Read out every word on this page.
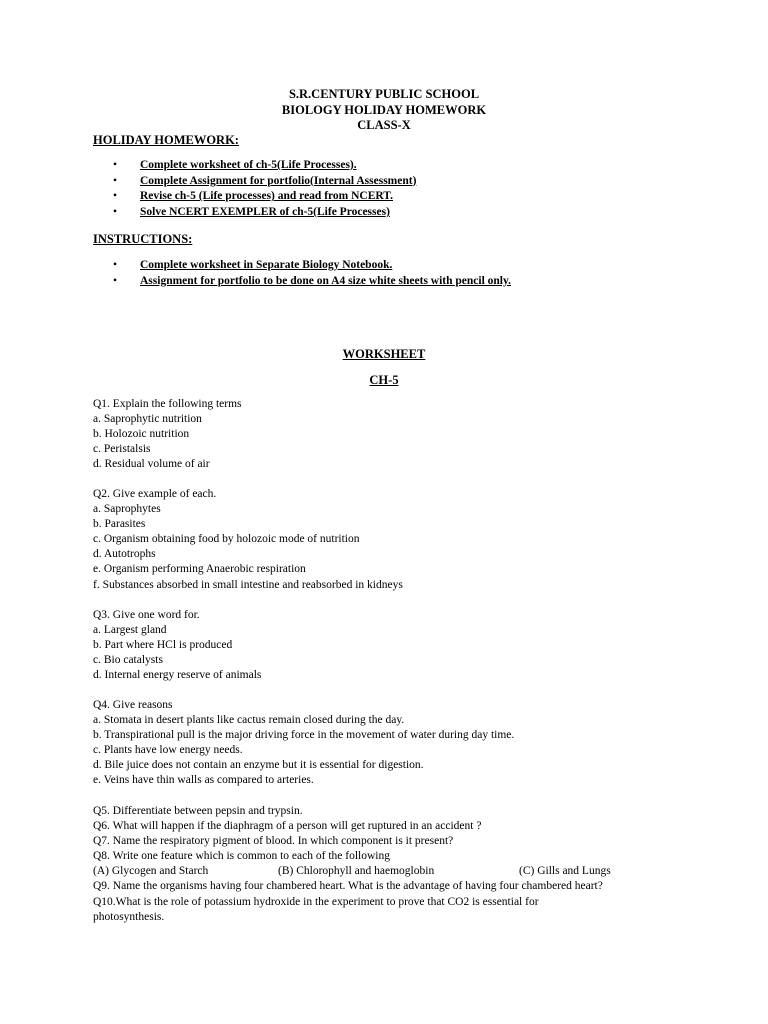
S.R.CENTURY PUBLIC SCHOOL
BIOLOGY HOLIDAY HOMEWORK
CLASS-X
HOLIDAY HOMEWORK:
• Complete worksheet of ch-5(Life Processes).
• Complete Assignment for portfolio(Internal Assessment)
• Revise ch-5 (Life processes) and read from NCERT.
• Solve NCERT EXEMPLER of ch-5(Life Processes)
INSTRUCTIONS:
• Complete worksheet in Separate Biology Notebook.
• Assignment for portfolio to be done on A4 size white sheets with pencil only.
WORKSHEET
CH-5
Q1. Explain the following terms
a. Saprophytic nutrition
b. Holozoic nutrition
c. Peristalsis
d. Residual volume of air
Q2. Give example of each.
a. Saprophytes
b. Parasites
c. Organism obtaining food by holozoic mode of nutrition
d. Autotrophs
e. Organism performing Anaerobic respiration
f. Substances absorbed in small intestine and reabsorbed in kidneys
Q3. Give one word for.
a. Largest gland
b. Part where HCl is produced
c. Bio catalysts
d. Internal energy reserve of animals
Q4. Give reasons
a. Stomata in desert plants like cactus remain closed during the day.
b. Transpirational pull is the major driving force in the movement of water during day time.
c. Plants have low energy needs.
d. Bile juice does not contain an enzyme but it is essential for digestion.
e. Veins have thin walls as compared to arteries.
Q5. Differentiate between pepsin and trypsin.
Q6. What will happen if the diaphragm of a person will get ruptured in an accident ?
Q7. Name the respiratory pigment of blood. In which component is it present?
Q8. Write one feature which is common to each of the following
(A) Glycogen and Starch	(B) Chlorophyll and haemoglobin	(C) Gills and Lungs
Q9. Name the organisms having four chambered heart. What is the advantage of having four chambered heart?
Q10.What is the role of potassium hydroxide in the experiment to prove that CO2 is essential for
photosynthesis.
